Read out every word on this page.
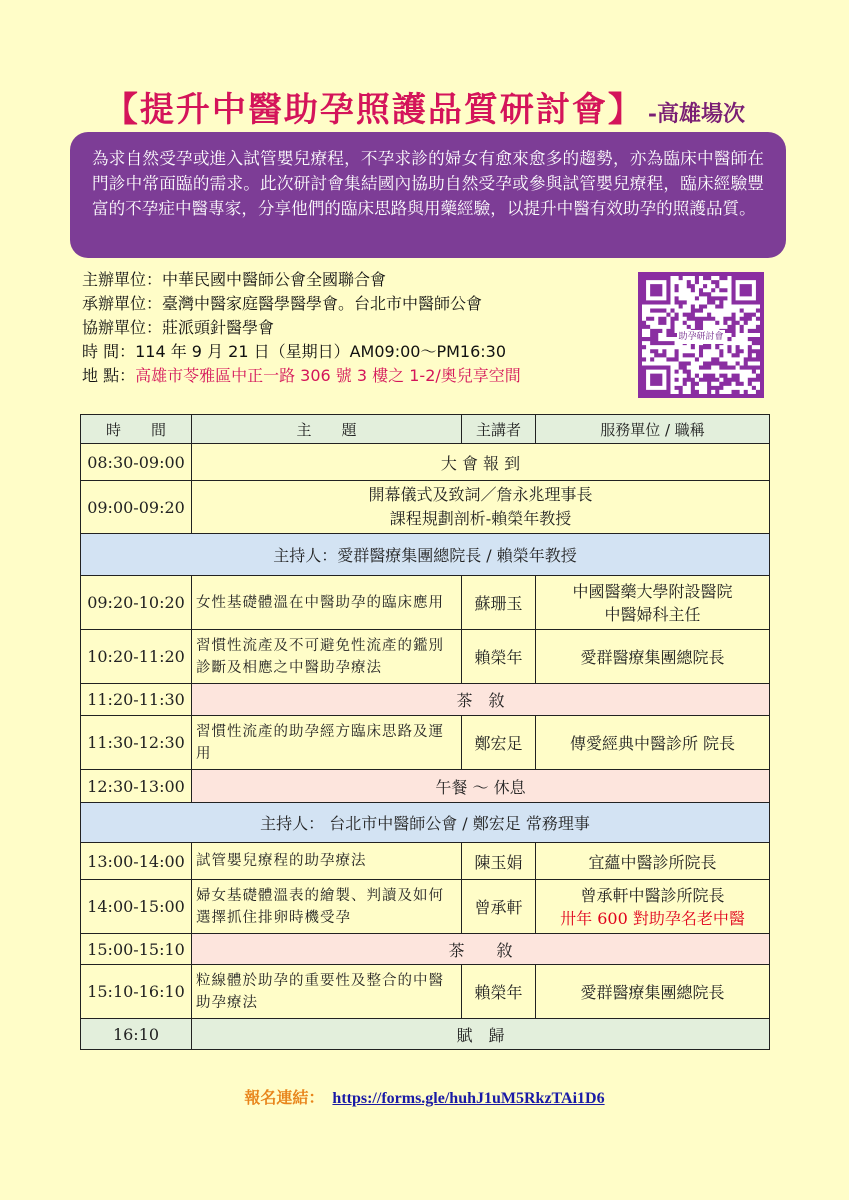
【提升中醫助孕照護品質研討會】 -高雄場次
為求自然受孕或進入試管嬰兒療程，不孕求診的婦女有愈來愈多的趨勢，亦為臨床中醫師在門診中常面臨的需求。此次研討會集結國內協助自然受孕或參與試管嬰兒療程，臨床經驗豐富的不孕症中醫專家，分享他們的臨床思路與用藥經驗，以提升中醫有效助孕的照護品質。
主辦單位：中華民國中醫師公會全國聯合會
承辦單位：臺灣中醫家庭醫學醫學會。台北市中醫師公會
協辦單位：莊派頭針醫學會
時 間：114 年 9 月 21 日（星期日）AM09:00～PM16:30
地 點：高雄市苓雅區中正一路 306 號 3 樓之 1-2/奧兒享空間
助孕研討會
時　　間	主　　題	主講者	服務單位 / 職稱
08:30-09:00	大 會 報 到		
09:00-09:20	開幕儀式及致詞／詹永兆理事長
課程規劃剖析-賴榮年教授		

主持人：愛群醫療集團總院長 / 賴榮年教授			
09:20-10:20	女性基礎體溫在中醫助孕的臨床應用	蘇珊玉	中國醫藥大學附設醫院
中醫婦科主任

10:20-11:20	習慣性流產及不可避免性流產的鑑別診斷及相應之中醫助孕療法	賴榮年	愛群醫療集團總院長
11:20-11:30	茶　敘		
11:30-12:30	習慣性流產的助孕經方臨床思路及運用	鄭宏足	傳愛經典中醫診所 院長
12:30-13:00	午餐 ～ 休息		
主持人： 台北市中醫師公會 / 鄭宏足 常務理事			
13:00-14:00	試管嬰兒療程的助孕療法	陳玉娟	宜蘊中醫診所院長
14:00-15:00	婦女基礎體溫表的繪製、判讀及如何選擇抓住排卵時機受孕	曾承軒	曾承軒中醫診所院長
卅年 600 對助孕名老中醫

15:00-15:10	茶　　敘		
15:10-16:10	粒線體於助孕的重要性及整合的中醫助孕療法	賴榮年	愛群醫療集團總院長
16:10	賦　歸		
報名連結： https://forms.gle/huhJ1uM5RkzTAi1D6
